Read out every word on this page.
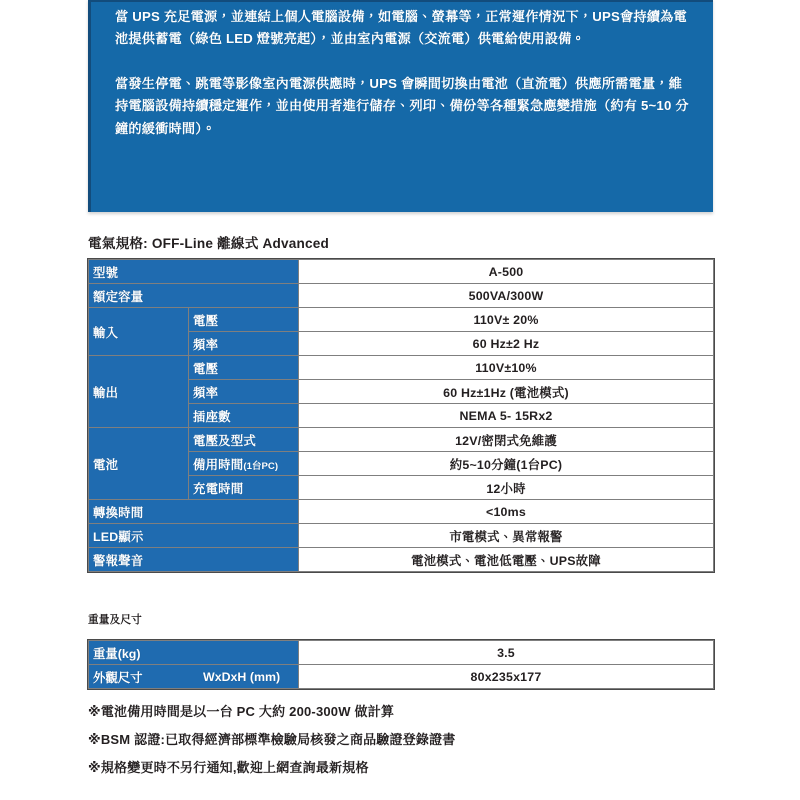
當 UPS 充足電源，並連結上個人電腦設備，如電腦、螢幕等，正常運作情況下，UPS會持續為電池提供蓄電（綠色 LED 燈號亮起），並由室內電源（交流電）供電給使用設備。

當發生停電、跳電等影像室內電源供應時，UPS 會瞬間切換由電池（直流電）供應所需電量，維持電腦設備持續穩定運作，並由使用者進行儲存、列印、備份等各種緊急應變措施（約有 5~10 分鐘的緩衝時間）。

電氣規格: OFF-Line 離線式 Advanced
型號		A-500
額定容量		500VA/300W
輸入	電壓	110V± 20%
	頻率	60 Hz±2 Hz
輸出	電壓	110V±10%
	頻率	60 Hz±1Hz (電池模式)
	插座數	NEMA 5- 15Rx2
電池	電壓及型式	12V/密閉式免維護
	備用時間(1台PC)	約5~10分鐘(1台PC)
	充電時間	12小時
轉換時間		<10ms
LED顯示		市電模式、異常報警
警報聲音		電池模式、電池低電壓、UPS故障
重量及尺寸
重量(kg)	3.5

外觀尺寸 WxDxH (mm)	80x235x177
※電池備用時間是以一台 PC 大約 200-300W 做計算
※BSM 認證:已取得經濟部標準檢驗局核發之商品驗證登錄證書
※規格變更時不另行通知,歡迎上網查詢最新規格
